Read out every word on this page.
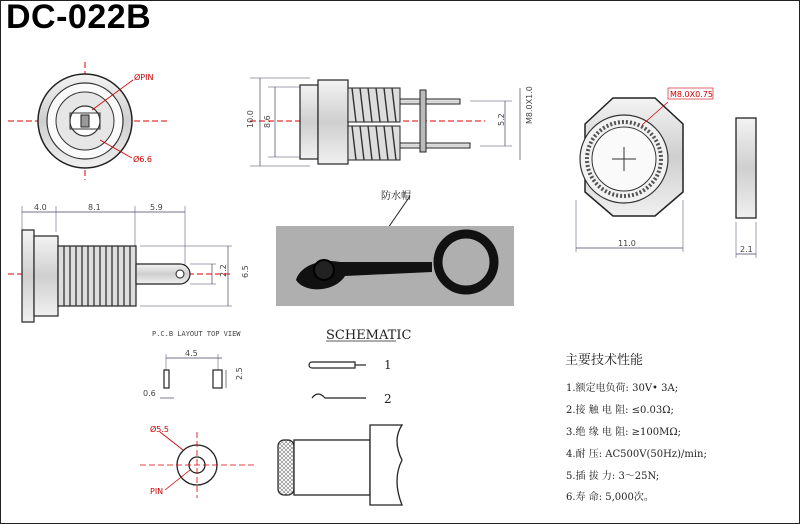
DC-022B
ØPIN
Ø6.6
10.0 8.6	5.2 M8.0X1.0	M8.0X0.75
11.0
2.1
4.0	8.1	5.9
2.2 6.5
防水帽
P.C.B LAYOUT TOP VIEW
4.5
0.6
2.5
Ø5.5
PIN
SCHEMATIC
1
2
主要技术性能
1.额定电负荷: 30V• 3A;
2.接 触 电 阻: ≤0.03Ω;
3.绝 缘 电 阻: ≥100MΩ;
4.耐 压: AC500V(50Hz)/min;
5.插 拔 力: 3～25N;
6.寿 命: 5,000次。
